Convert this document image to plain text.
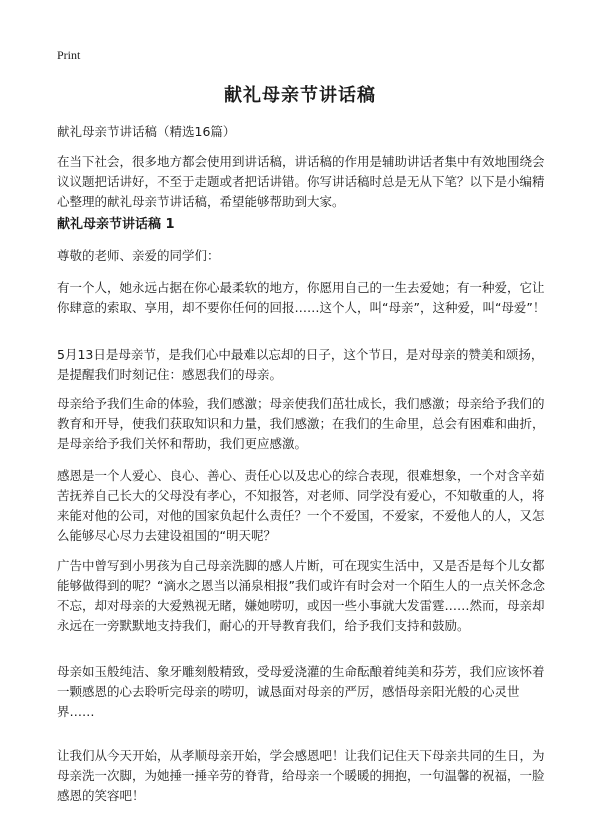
Print
献礼母亲节讲话稿

献礼母亲节讲话稿（精选16篇）

在当下社会，很多地方都会使用到讲话稿，讲话稿的作用是辅助讲话者集中有效地围绕会议议题把话讲好，不至于走题或者把话讲错。你写讲话稿时总是无从下笔？以下是小编精心整理的献礼母亲节讲话稿，希望能够帮助到大家。

献礼母亲节讲话稿 1

尊敬的老师、亲爱的同学们：

有一个人，她永远占据在你心最柔软的地方，你愿用自己的一生去爱她；有一种爱，它让你肆意的索取、享用，却不要你任何的回报……这个人，叫“母亲”，这种爱，叫“母爱”！

5月13日是母亲节，是我们心中最难以忘却的日子，这个节日，是对母亲的赞美和颂扬，是提醒我们时刻记住：感恩我们的母亲。

母亲给予我们生命的体验，我们感激；母亲使我们茁壮成长，我们感激；母亲给予我们的教育和开导，使我们获取知识和力量，我们感激；在我们的生命里，总会有困难和曲折，是母亲给予我们关怀和帮助，我们更应感激。

感恩是一个人爱心、良心、善心、责任心以及忠心的综合表现，很难想象，一个对含辛茹苦抚养自己长大的父母没有孝心，不知报答，对老师、同学没有爱心，不知敬重的人，将来能对他的公司，对他的国家负起什么责任？一个不爱国，不爱家，不爱他人的人，又怎么能够尽心尽力去建设祖国的“明天呢？

广告中曾写到小男孩为自己母亲洗脚的感人片断，可在现实生活中，又是否是每个儿女都能够做得到的呢？“滴水之恩当以涌泉相报”我们或许有时会对一个陌生人的一点关怀念念不忘，却对母亲的大爱熟视无睹，嫌她唠叨，或因一些小事就大发雷霆……然而，母亲却永远在一旁默默地支持我们，耐心的开导教育我们，给予我们支持和鼓励。

母亲如玉般纯洁、象牙雕刻般精致，受母爱浇灌的生命酝酿着纯美和芬芳，我们应该怀着一颗感恩的心去聆听完母亲的唠叨，诚恳面对母亲的严厉，感悟母亲阳光般的心灵世界……

让我们从今天开始，从孝顺母亲开始，学会感恩吧！让我们记住天下母亲共同的生日，为母亲洗一次脚，为她捶一捶辛劳的脊背，给母亲一个暖暖的拥抱，一句温馨的祝福，一脸感恩的笑容吧！
